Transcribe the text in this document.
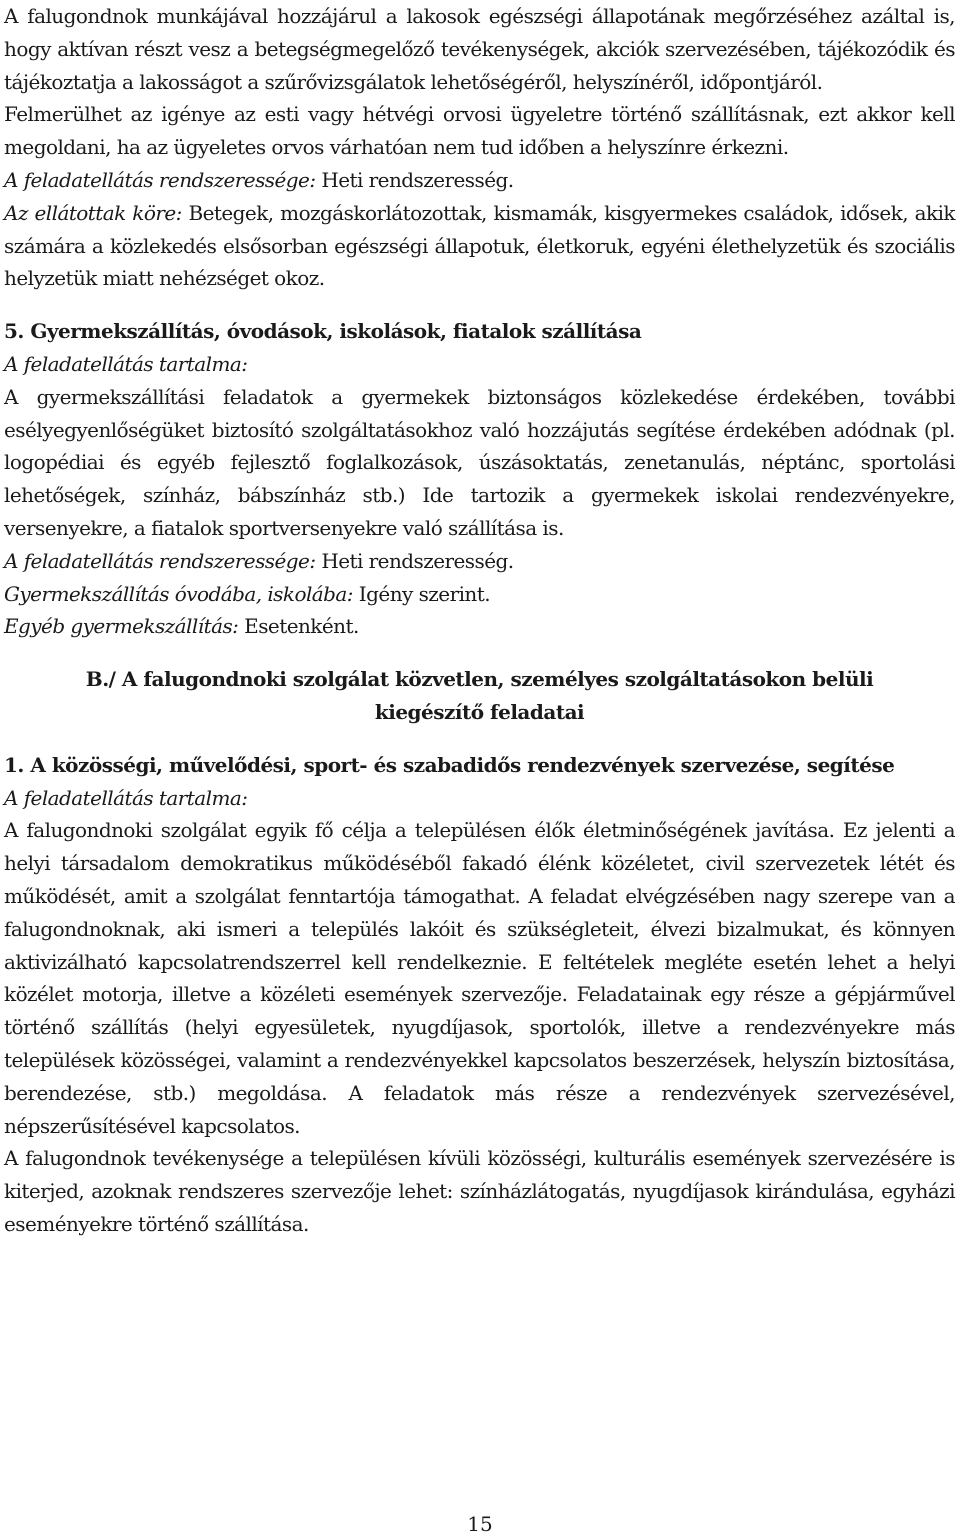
A falugondnok munkájával hozzájárul a lakosok egészségi állapotának megőrzéséhez azáltal is, hogy aktívan részt vesz a betegségmegelőző tevékenységek, akciók szervezésében, tájékozódik és tájékoztatja a lakosságot a szűrővizsgálatok lehetőségéről, helyszínéről, időpontjáról.

Felmerülhet az igénye az esti vagy hétvégi orvosi ügyeletre történő szállításnak, ezt akkor kell megoldani, ha az ügyeletes orvos várhatóan nem tud időben a helyszínre érkezni.

A feladatellátás rendszeressége: Heti rendszeresség.

Az ellátottak köre: Betegek, mozgáskorlátozottak, kismamák, kisgyermekes családok, idősek, akik számára a közlekedés elsősorban egészségi állapotuk, életkoruk, egyéni élethelyzetük és szociális helyzetük miatt nehézséget okoz.

5. Gyermekszállítás, óvodások, iskolások, fiatalok szállítása

A feladatellátás tartalma:

A gyermekszállítási feladatok a gyermekek biztonságos közlekedése érdekében, további esélyegyenlőségüket biztosító szolgáltatásokhoz való hozzájutás segítése érdekében adódnak (pl. logopédiai és egyéb fejlesztő foglalkozások, úszásoktatás, zenetanulás, néptánc, sportolási lehetőségek, színház, bábszínház stb.) Ide tartozik a gyermekek iskolai rendezvényekre, versenyekre, a fiatalok sportversenyekre való szállítása is.

A feladatellátás rendszeressége: Heti rendszeresség.

Gyermekszállítás óvodába, iskolába: Igény szerint.

Egyéb gyermekszállítás: Esetenként.

B./ A falugondnoki szolgálat közvetlen, személyes szolgáltatásokon belüli
kiegészítő feladatai
1. A közösségi, művelődési, sport- és szabadidős rendezvények szervezése, segítése

A feladatellátás tartalma:

A falugondnoki szolgálat egyik fő célja a településen élők életminőségének javítása. Ez jelenti a helyi társadalom demokratikus működéséből fakadó élénk közéletet, civil szervezetek létét és működését, amit a szolgálat fenntartója támogathat. A feladat elvégzésében nagy szerepe van a falugondnoknak, aki ismeri a település lakóit és szükségleteit, élvezi bizalmukat, és könnyen aktivizálható kapcsolatrendszerrel kell rendelkeznie. E feltételek megléte esetén lehet a helyi közélet motorja, illetve a közéleti események szervezője. Feladatainak egy része a gépjárművel történő szállítás (helyi egyesületek, nyugdíjasok, sportolók, illetve a rendezvényekre más települések közösségei, valamint a rendezvényekkel kapcsolatos beszerzések, helyszín biztosítása, berendezése, stb.) megoldása. A feladatok más része a rendezvények szervezésével, népszerűsítésével kapcsolatos.

A falugondnok tevékenysége a településen kívüli közösségi, kulturális események szervezésére is kiterjed, azoknak rendszeres szervezője lehet: színházlátogatás, nyugdíjasok kirándulása, egyházi eseményekre történő szállítása.

15
